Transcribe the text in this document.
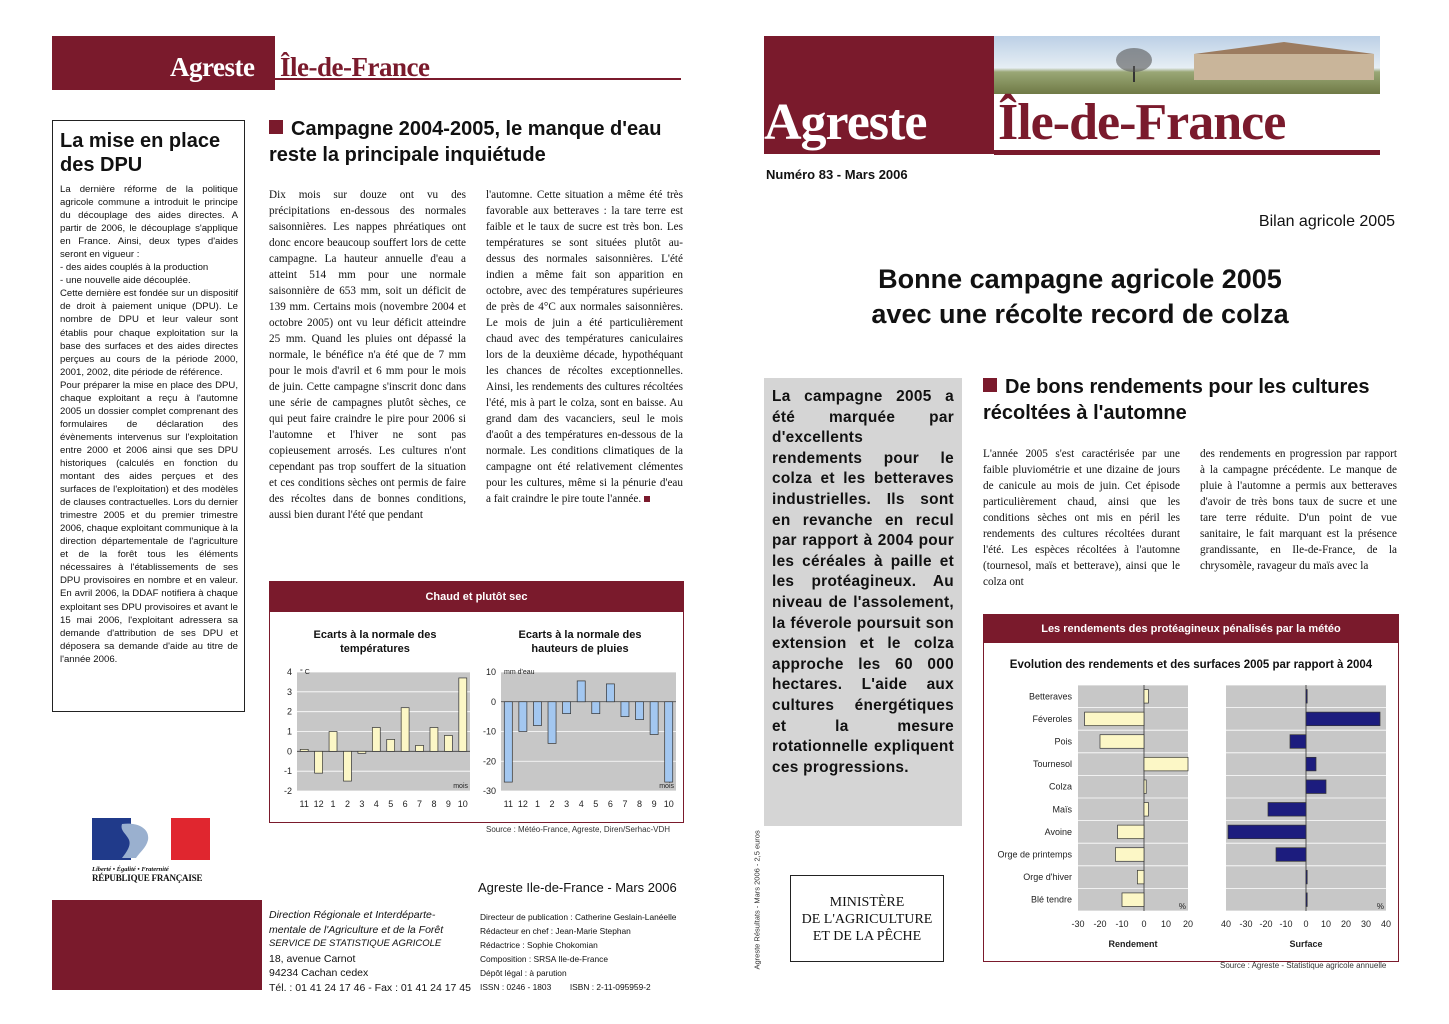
Agreste Île-de-France
La mise en place des DPU
La dernière réforme de la politique agricole commune a introduit le principe du découplage des aides directes. A partir de 2006, le découplage s'applique en France. Ainsi, deux types d'aides seront en vigueur :
- des aides couplés à la production
- une nouvelle aide découplée.
Cette dernière est fondée sur un dispositif de droit à paiement unique (DPU). Le nombre de DPU et leur valeur sont établis pour chaque exploitation sur la base des surfaces et des aides directes perçues au cours de la période 2000, 2001, 2002, dite période de référence.
Pour préparer la mise en place des DPU, chaque exploitant a reçu à l'automne 2005 un dossier complet comprenant des formulaires de déclaration des évènements intervenus sur l'exploitation entre 2000 et 2006 ainsi que ses DPU historiques (calculés en fonction du montant des aides perçues et des surfaces de l'exploitation) et des modèles de clauses contractuelles. Lors du dernier trimestre 2005 et du premier trimestre 2006, chaque exploitant communique à la direction départementale de l'agriculture et de la forêt tous les éléments nécessaires à l'établissements de ses DPU provisoires en nombre et en valeur. En avril 2006, la DDAF notifiera à chaque exploitant ses DPU provisoires et avant le 15 mai 2006, l'exploitant adressera sa demande d'attribution de ses DPU et déposera sa demande d'aide au titre de l'année 2006.
Campagne 2004-2005, le manque d'eau reste la principale inquiétude
Dix mois sur douze ont vu des précipitations en-dessous des normales saisonnières. Les nappes phréatiques ont donc encore beaucoup souffert lors de cette campagne. La hauteur annuelle d'eau a atteint 514 mm pour une normale saisonnière de 653 mm, soit un déficit de 139 mm. Certains mois (novembre 2004 et octobre 2005) ont vu leur déficit atteindre 25 mm. Quand les pluies ont dépassé la normale, le bénéfice n'a été que de 7 mm pour le mois d'avril et 6 mm pour le mois de juin. Cette campagne s'inscrit donc dans une série de campagnes plutôt sèches, ce qui peut faire craindre le pire pour 2006 si l'automne et l'hiver ne sont pas copieusement arrosés. Les cultures n'ont cependant pas trop souffert de la situation et ces conditions sèches ont permis de faire des récoltes dans de bonnes conditions, aussi bien durant l'été que pendant
l'automne. Cette situation a même été très favorable aux betteraves : la tare terre est faible et le taux de sucre est très bon. Les températures se sont situées plutôt au-dessus des normales saisonnières. L'été indien a même fait son apparition en octobre, avec des températures supérieures de près de 4°C aux normales saisonnières. Le mois de juin a été particulièrement chaud avec des températures caniculaires lors de la deuxième décade, hypothéquant les chances de récoltes exceptionnelles. Ainsi, les rendements des cultures récoltées l'été, mis à part le colza, sont en baisse. Au grand dam des vacanciers, seul le mois d'août a des températures en-dessous de la normale. Les conditions climatiques de la campagne ont été relativement clémentes pour les cultures, même si la pénurie d'eau a fait craindre le pire toute l'année.
Chaud et plutôt sec
Ecarts à la normale des températures
Ecarts à la normale des hauteurs de pluies
4
3
2
1
0
-1
-2
11 12 1 2 3 4 5 6 7 8 9 10
° C
mois
10
0
-10
-20
-30
11 12 1 2 3 4 5 6 7 8 9 10
mm d'eau
mois
Source : Météo-France, Agreste, Diren/Serhac-VDH
Liberté • Égalité • Fraternité
RÉPUBLIQUE FRANÇAISE
Agreste Ile-de-France - Mars 2006
Direction Régionale et Interdéparte-
mentale de l'Agriculture et de la Forêt
SERVICE DE STATISTIQUE AGRICOLE
18, avenue Carnot
94234 Cachan cedex
Tél. : 01 41 24 17 46 - Fax : 01 41 24 17 45
Directeur de publication : Catherine Geslain-Lanéelle
Rédacteur en chef : Jean-Marie Stephan
Rédactrice : Sophie Chokomian
Composition : SRSA Ile-de-France
Dépôt légal : à parution
ISSN : 0246 - 1803        ISBN : 2-11-095959-2
Agreste Île-de-France
Numéro 83 - Mars 2006
Bilan agricole 2005
Bonne campagne agricole 2005
avec une récolte record de colza
La campagne 2005 a été marquée par d'excellents rendements pour le colza et les betteraves industrielles. Ils sont en revanche en recul par rapport à 2004 pour les céréales à paille et les protéagineux. Au niveau de l'assolement, la féverole poursuit son extension et le colza approche les 60 000 hectares. L'aide aux cultures énergétiques et la mesure rotationnelle expliquent ces progressions.
De bons rendements pour les cultures récoltées à l'automne
L'année 2005 s'est caractérisée par une faible pluviométrie et une dizaine de jours de canicule au mois de juin. Cet épisode particulièrement chaud, ainsi que les conditions sèches ont mis en péril les rendements des cultures récoltées durant l'été. Les espèces récoltées à l'automne (tournesol, maïs et betterave), ainsi que le colza ont
des rendements en progression par rapport à la campagne précédente. Le manque de pluie à l'automne a permis aux betteraves d'avoir de très bons taux de sucre et une tare terre réduite. D'un point de vue sanitaire, le fait marquant est la présence grandissante, en Ile-de-France, de la chrysomèle, ravageur du maïs avec la
Les rendements des protéagineux pénalisés par la météo
Evolution des rendements et des surfaces 2005 par rapport à 2004
Betteraves
Féveroles
Pois
Tournesol
Colza
Maïs
Avoine
Orge de printemps
Orge d'hiver
Blé tendre
-30 -20 -10 0 10 20
%
Rendement
40 -30 -20 -10 0 10 20 30 40
%
Surface
Source : Agreste - Statistique agricole annuelle
MINISTÈRE
DE L'AGRICULTURE
ET DE LA PÊCHE
Agreste Résultats - Mars 2006 - 2,5 euros
